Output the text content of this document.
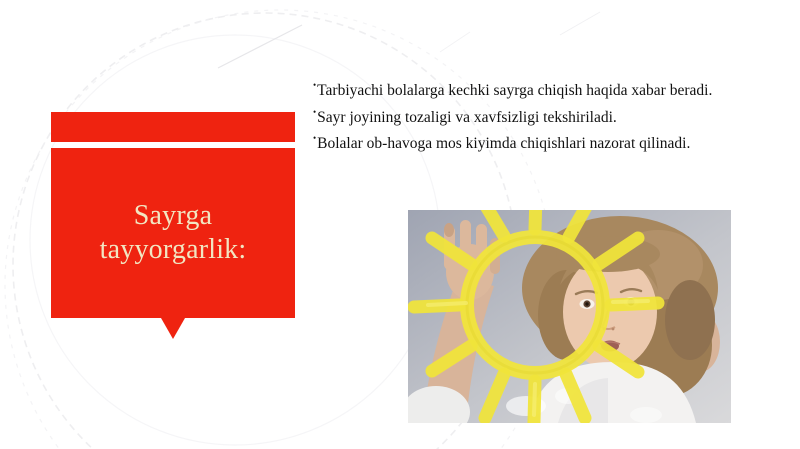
Sayrga tayyorgarlik:
•Tarbiyachi bolalarga kechki sayrga chiqish haqida xabar beradi.
•Sayr joyining tozaligi va xavfsizligi tekshiriladi.
•Bolalar ob-havoga mos kiyimda chiqishlari nazorat qilinadi.
